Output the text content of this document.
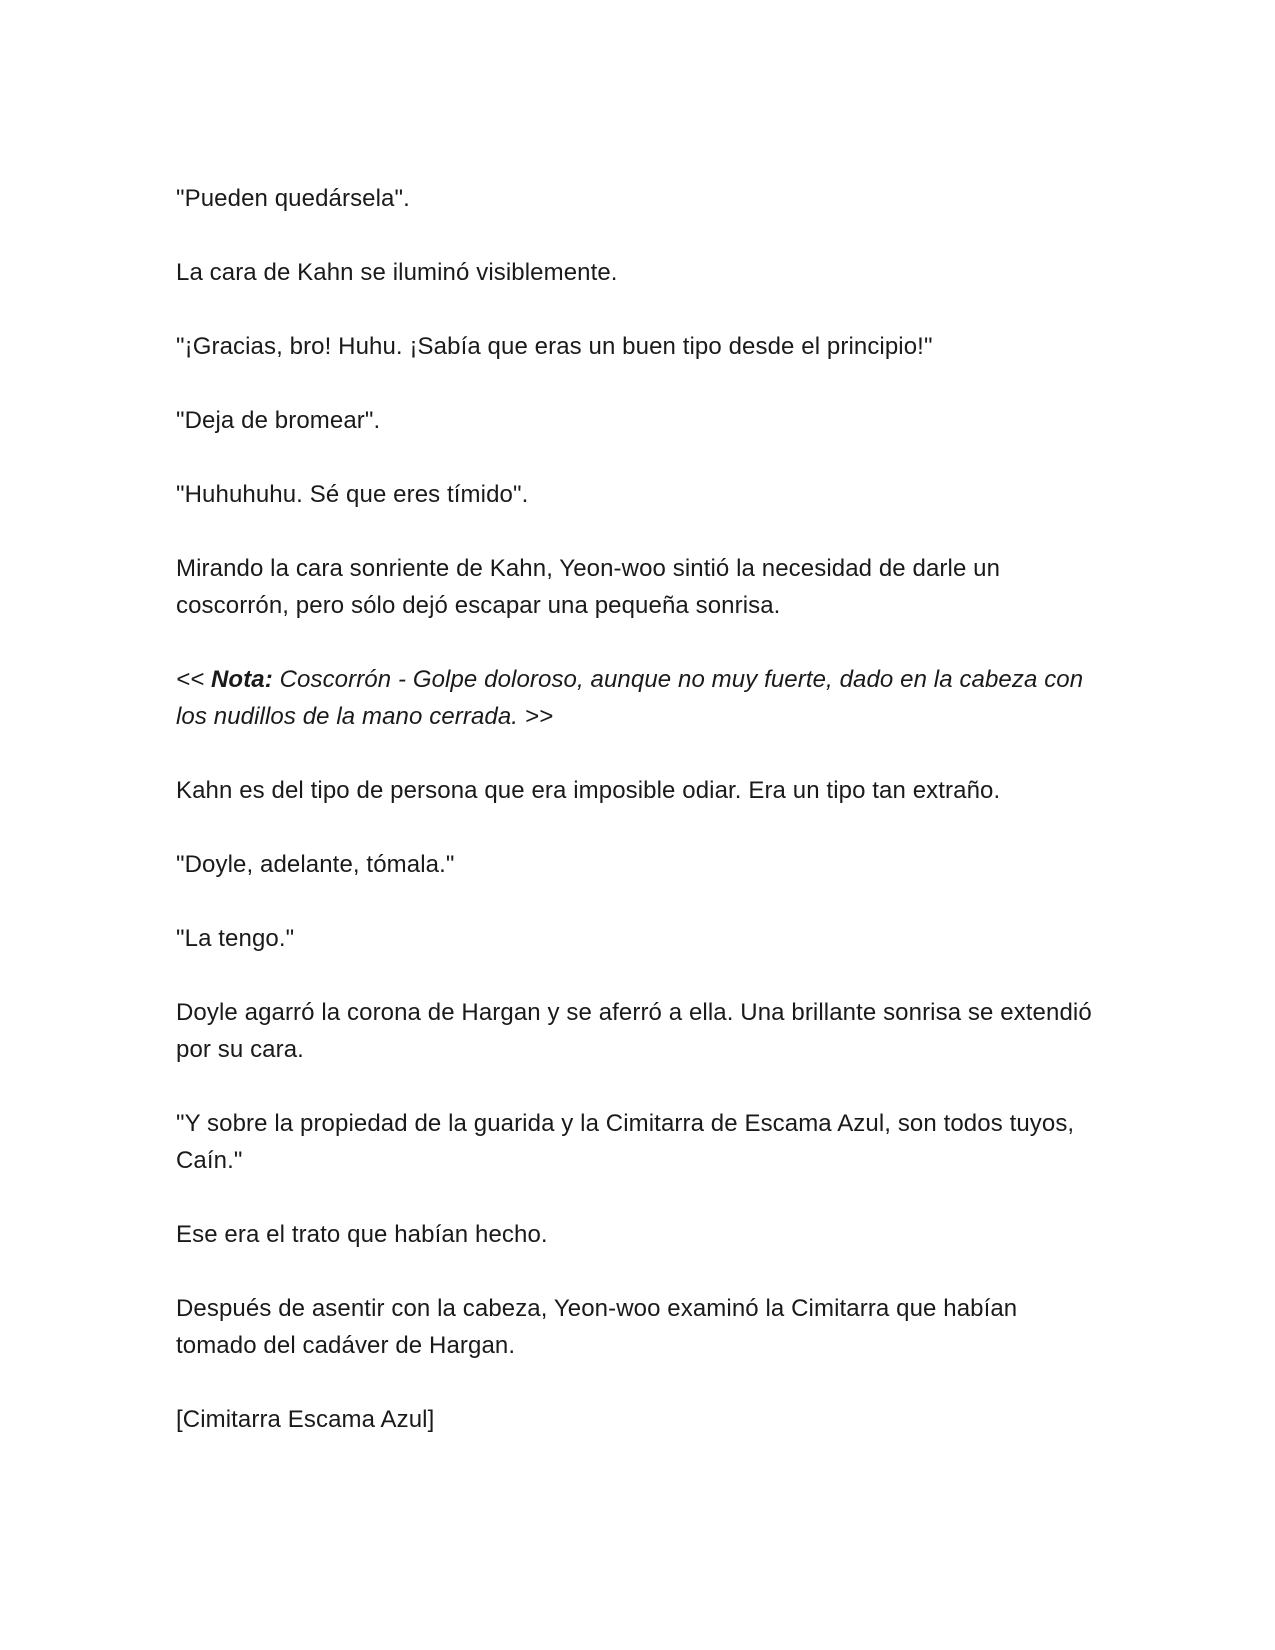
"Pueden quedársela".

La cara de Kahn se iluminó visiblemente.

"¡Gracias, bro! Huhu. ¡Sabía que eras un buen tipo desde el principio!"

"Deja de bromear".

"Huhuhuhu. Sé que eres tímido".

Mirando la cara sonriente de Kahn, Yeon-woo sintió la necesidad de darle un coscorrón, pero sólo dejó escapar una pequeña sonrisa.

<< Nota: Coscorrón - Golpe doloroso, aunque no muy fuerte, dado en la cabeza con los nudillos de la mano cerrada. >>

Kahn es del tipo de persona que era imposible odiar. Era un tipo tan extraño.

"Doyle, adelante, tómala."

"La tengo."

Doyle agarró la corona de Hargan y se aferró a ella. Una brillante sonrisa se extendió por su cara.

"Y sobre la propiedad de la guarida y la Cimitarra de Escama Azul, son todos tuyos, Caín."

Ese era el trato que habían hecho.

Después de asentir con la cabeza, Yeon-woo examinó la Cimitarra que habían tomado del cadáver de Hargan.

[Cimitarra Escama Azul]
